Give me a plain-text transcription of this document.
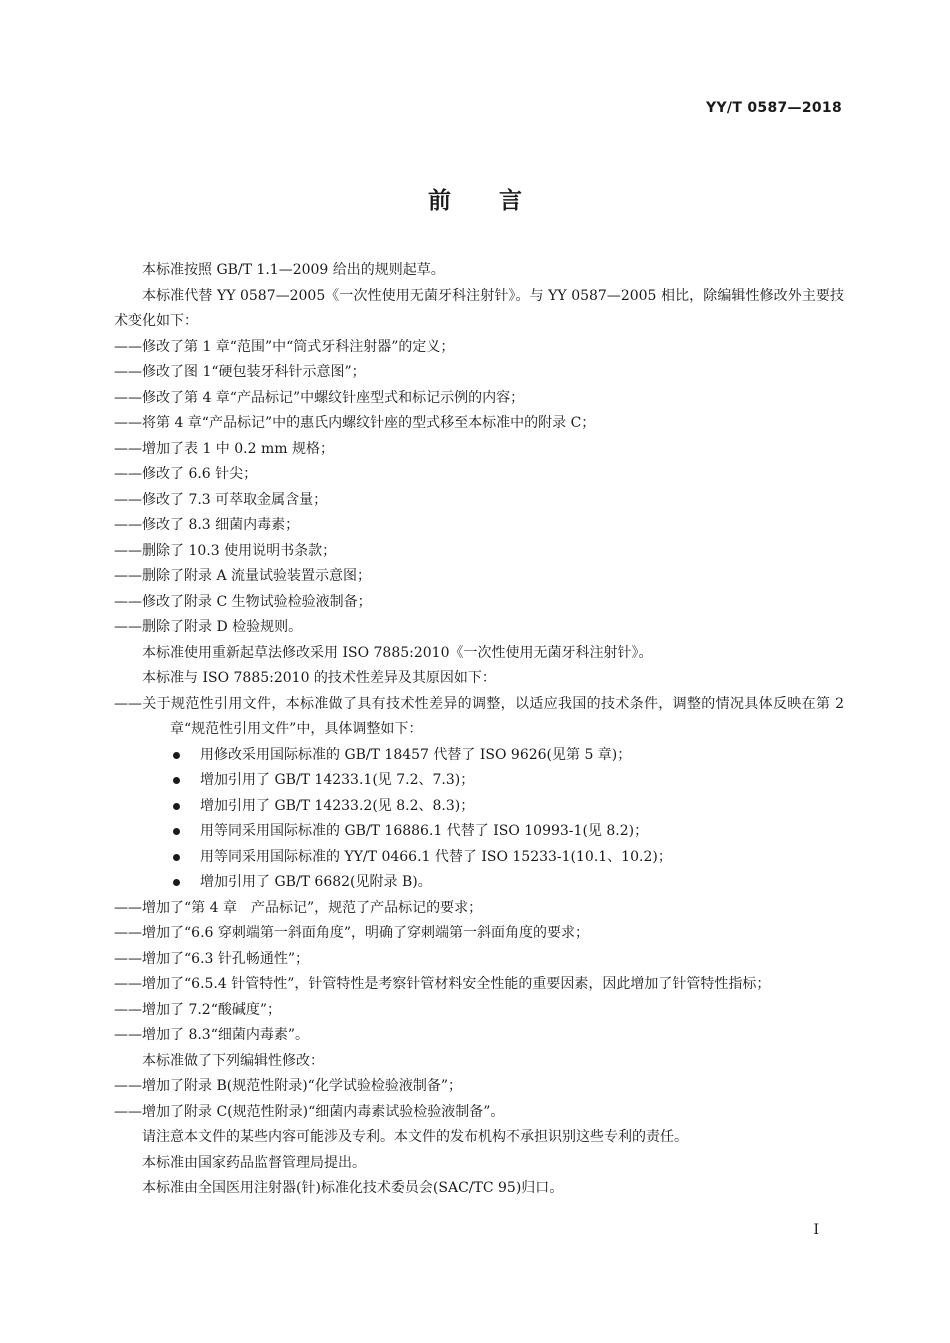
YY/T 0587—2018
前言

本标准按照 GB/T 1.1—2009 给出的规则起草。

本标准代替 YY 0587—2005《一次性使用无菌牙科注射针》。与 YY 0587—2005 相比，除编辑性修改外主要技术变化如下：

——修改了第 1 章“范围”中“筒式牙科注射器”的定义；

——修改了图 1“硬包装牙科针示意图”；

——修改了第 4 章“产品标记”中螺纹针座型式和标记示例的内容；

——将第 4 章“产品标记”中的惠氏内螺纹针座的型式移至本标准中的附录 C；

——增加了表 1 中 0.2 mm 规格；

——修改了 6.6 针尖；

——修改了 7.3 可萃取金属含量；

——修改了 8.3 细菌内毒素；

——删除了 10.3 使用说明书条款；

——删除了附录 A 流量试验装置示意图；

——修改了附录 C 生物试验检验液制备；

——删除了附录 D 检验规则。

本标准使用重新起草法修改采用 ISO 7885:2010《一次性使用无菌牙科注射针》。

本标准与 ISO 7885:2010 的技术性差异及其原因如下：

——关于规范性引用文件，本标准做了具有技术性差异的调整，以适应我国的技术条件，调整的情况具体反映在第 2 章“规范性引用文件”中，具体调整如下：

用修改采用国际标准的 GB/T 18457 代替了 ISO 9626(见第 5 章)；

增加引用了 GB/T 14233.1(见 7.2、7.3)；

增加引用了 GB/T 14233.2(见 8.2、8.3)；

用等同采用国际标准的 GB/T 16886.1 代替了 ISO 10993-1(见 8.2)；

用等同采用国际标准的 YY/T 0466.1 代替了 ISO 15233-1(10.1、10.2)；

增加引用了 GB/T 6682(见附录 B)。

——增加了“第 4 章　产品标记”，规范了产品标记的要求；

——增加了“6.6 穿刺端第一斜面角度”，明确了穿刺端第一斜面角度的要求；

——增加了“6.3 针孔畅通性”；

——增加了“6.5.4 针管特性”，针管特性是考察针管材料安全性能的重要因素，因此增加了针管特性指标；

——增加了 7.2“酸碱度”；

——增加了 8.3“细菌内毒素”。

本标准做了下列编辑性修改：

——增加了附录 B(规范性附录)“化学试验检验液制备”；

——增加了附录 C(规范性附录)“细菌内毒素试验检验液制备”。

请注意本文件的某些内容可能涉及专利。本文件的发布机构不承担识别这些专利的责任。

本标准由国家药品监督管理局提出。

本标准由全国医用注射器(针)标准化技术委员会(SAC/TC 95)归口。

I
